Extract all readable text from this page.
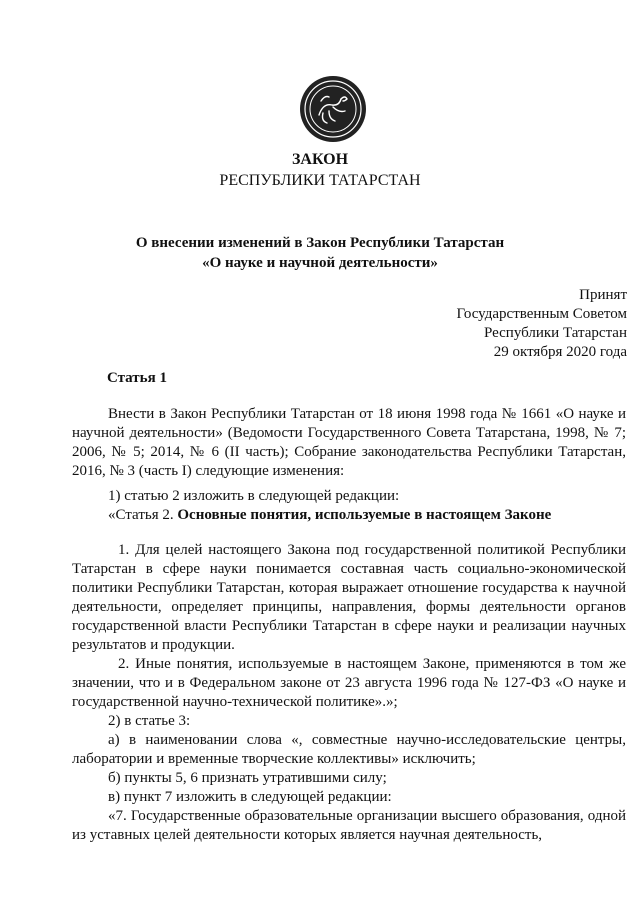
ЗАКОН
РЕСПУБЛИКИ ТАТАРСТАН
О внесении изменений в Закон Республики Татарстан
«О науке и научной деятельности»
Принят
Государственным Советом
Республики Татарстан
29 октября 2020 года
Статья 1
Внести в Закон Республики Татарстан от 18 июня 1998 года № 1661 «О науке и научной деятельности» (Ведомости Государственного Совета Татарстана, 1998, № 7; 2006, № 5; 2014, № 6 (II часть); Собрание законодательства Республики Татарстан, 2016, № 3 (часть I) следующие изменения:
1) статью 2 изложить в следующей редакции:
«Статья 2. Основные понятия, используемые в настоящем Законе
1. Для целей настоящего Закона под государственной политикой Республики Татарстан в сфере науки понимается составная часть социально-экономической политики Республики Татарстан, которая выражает отношение государства к научной деятельности, определяет принципы, направления, формы деятельности органов государственной власти Республики Татарстан в сфере науки и реализации научных результатов и продукции.
2. Иные понятия, используемые в настоящем Законе, применяются в том же значении, что и в Федеральном законе от 23 августа 1996 года № 127-ФЗ «О науке и государственной научно-технической политике».»;
2) в статье 3:
а) в наименовании слова «, совместные научно-исследовательские центры, лаборатории и временные творческие коллективы» исключить;
б) пункты 5, 6 признать утратившими силу;
в) пункт 7 изложить в следующей редакции:
«7. Государственные образовательные организации высшего образования, одной из уставных целей деятельности которых является научная деятельность,
